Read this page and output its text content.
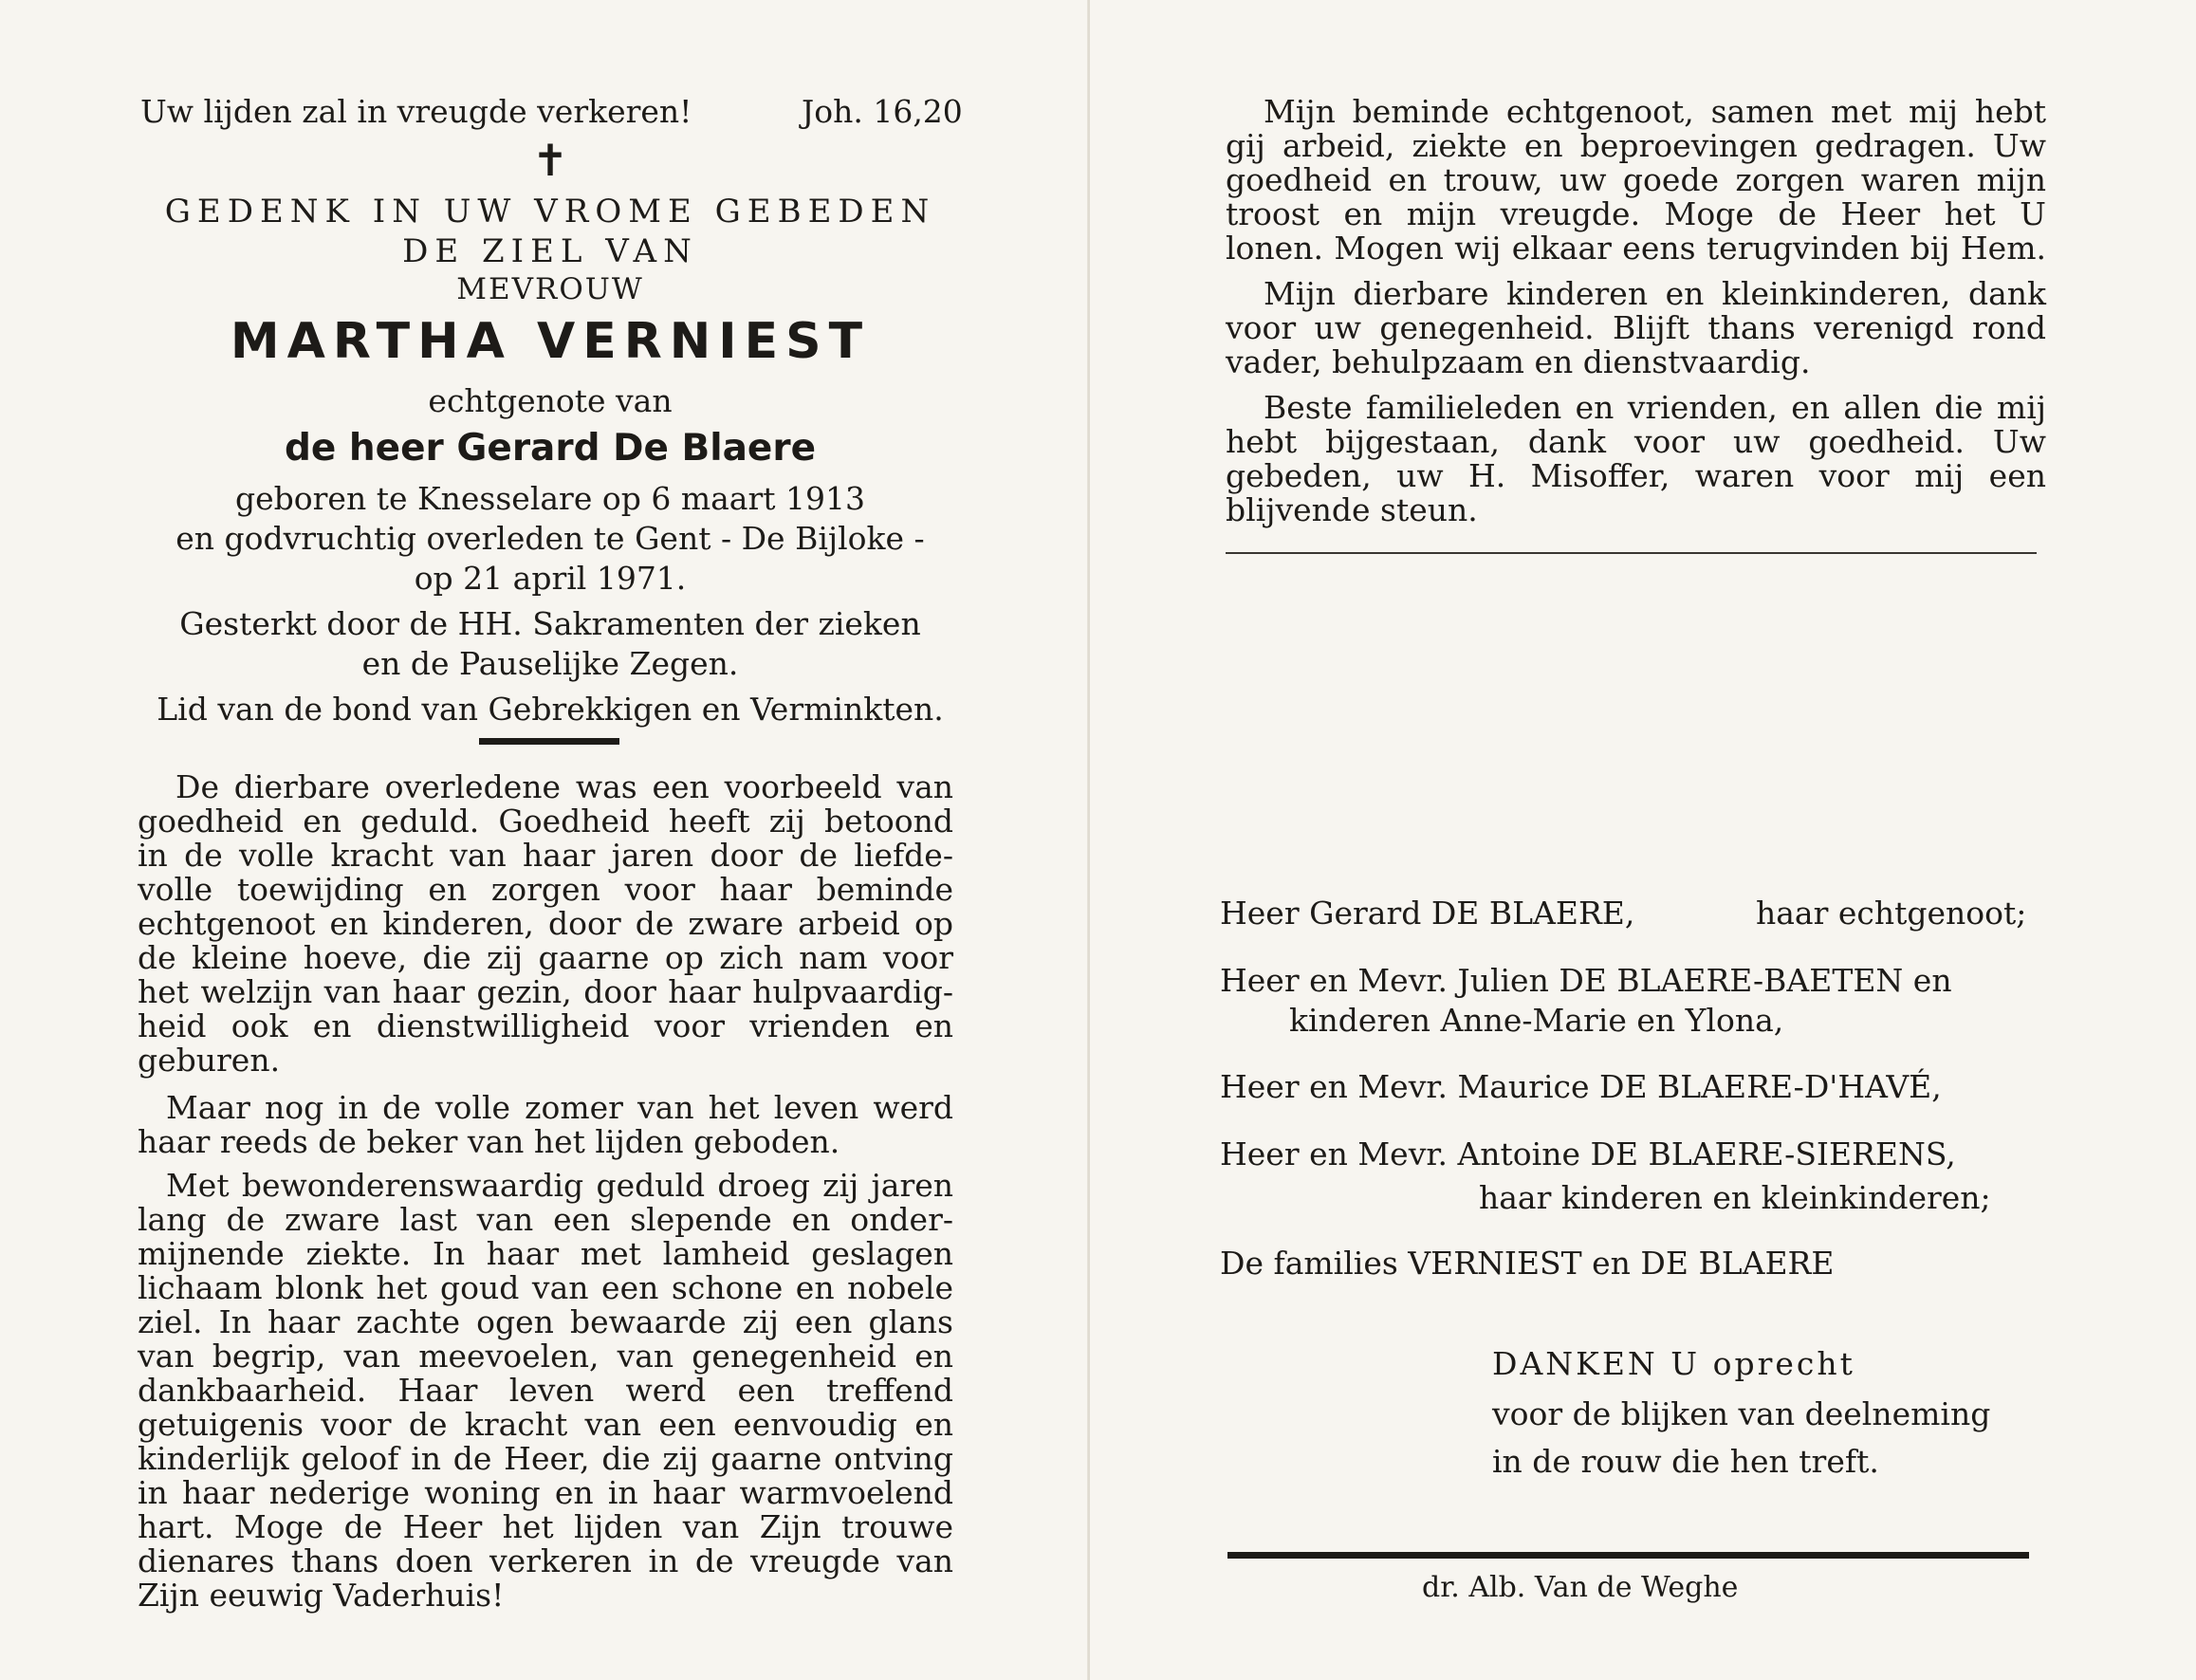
Uw lijden zal in vreugde verkeren!	Joh. 16,20
✝
GEDENK IN UW VROME GEBEDEN
DE ZIEL VAN
MEVROUW
MARTHA VERNIEST
echtgenote van
de heer Gerard De Blaere
geboren te Knesselare op 6 maart 1913
en godvruchtig overleden te Gent - De Bijloke -
op 21 april 1971.
Gesterkt door de HH. Sakramenten der zieken
en de Pauselijke Zegen.
Lid van de bond van Gebrekkigen en Verminkten.
De dierbare overledene was een voorbeeld van
goedheid en geduld. Goedheid heeft zij betoond
in de volle kracht van haar jaren door de liefde-
volle toewijding en zorgen voor haar beminde
echtgenoot en kinderen, door de zware arbeid op
de kleine hoeve, die zij gaarne op zich nam voor
het welzijn van haar gezin, door haar hulpvaardig-
heid ook en dienstwilligheid voor vrienden en
geburen.
Maar nog in de volle zomer van het leven werd
haar reeds de beker van het lijden geboden.
Met bewonderenswaardig geduld droeg zij jaren
lang de zware last van een slepende en onder-
mijnende ziekte. In haar met lamheid geslagen
lichaam blonk het goud van een schone en nobele
ziel. In haar zachte ogen bewaarde zij een glans
van begrip, van meevoelen, van genegenheid en
dankbaarheid. Haar leven werd een treffend
getuigenis voor de kracht van een eenvoudig en
kinderlijk geloof in de Heer, die zij gaarne ontving
in haar nederige woning en in haar warmvoelend
hart. Moge de Heer het lijden van Zijn trouwe
dienares thans doen verkeren in de vreugde van
Zijn eeuwig Vaderhuis!
Mijn beminde echtgenoot, samen met mij hebt
gij arbeid, ziekte en beproevingen gedragen. Uw
goedheid en trouw, uw goede zorgen waren mijn
troost en mijn vreugde. Moge de Heer het U
lonen. Mogen wij elkaar eens terugvinden bij Hem.
Mijn dierbare kinderen en kleinkinderen, dank
voor uw genegenheid. Blijft thans verenigd rond
vader, behulpzaam en dienstvaardig.
Beste familieleden en vrienden, en allen die mij
hebt bijgestaan, dank voor uw goedheid. Uw
gebeden, uw H. Misoffer, waren voor mij een
blijvende steun.
Heer Gerard DE BLAERE,	haar echtgenoot;
Heer en Mevr. Julien DE BLAERE-BAETEN en
kinderen Anne-Marie en Ylona,
Heer en Mevr. Maurice DE BLAERE-D'HAVÉ,
Heer en Mevr. Antoine DE BLAERE-SIERENS,
haar kinderen en kleinkinderen;
De families VERNIEST en DE BLAERE
DANKEN U oprecht
voor de blijken van deelneming
in de rouw die hen treft.
dr. Alb. Van de Weghe
